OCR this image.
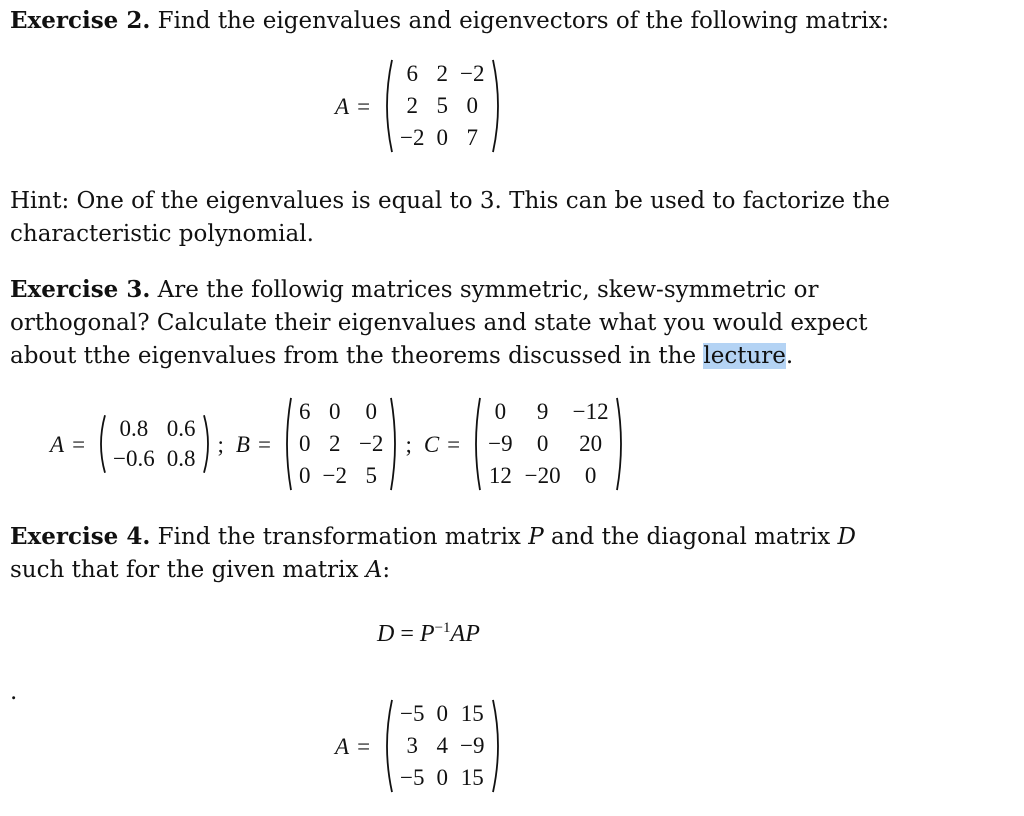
Exercise 2. Find the eigenvalues and eigenvectors of the following matrix:

A =
6	2	−2
2	5	0
−2	0	7

Hint: One of the eigenvalues is equal to 3. This can be used to factorize the characteristic polynomial.

Exercise 3. Are the followig matrices symmetric, skew-symmetric or orthogonal? Calculate their eigenvalues and state what you would expect about tthe eigenvalues from the theorems discussed in the lecture.

A =
0.8	0.6
−0.6	0.8
; B =
6	0	0
0	2	−2
0	−2	5
; C =
0	9	−12
−9	0	20
12	−20	0

Exercise 4. Find the transformation matrix P and the diagonal matrix D such that for the given matrix A:

$D = P^{-1}AP$
.
A =
−5	0	15
3	4	−9
−5	0	15
